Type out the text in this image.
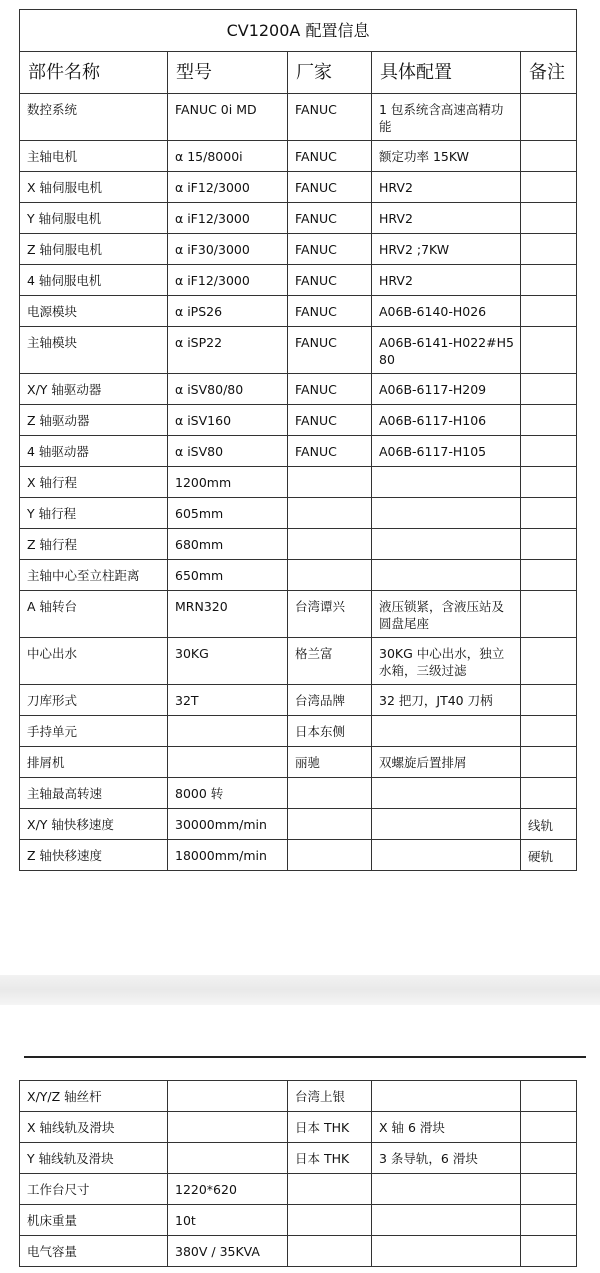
CV1200A 配置信息				
部件名称	型号	厂家	具体配置	备注
数控系统	FANUC 0i MD	FANUC	1 包系统含高速高精功能	
主轴电机	α 15/8000i	FANUC	额定功率 15KW	
X 轴伺服电机	α iF12/3000	FANUC	HRV2	
Y 轴伺服电机	α iF12/3000	FANUC	HRV2	
Z 轴伺服电机	α iF30/3000	FANUC	HRV2 ;7KW	
4 轴伺服电机	α iF12/3000	FANUC	HRV2	
电源模块	α iPS26	FANUC	A06B-6140-H026	
主轴模块	α iSP22	FANUC	A06B-6141-H022#H580	
X/Y 轴驱动器	α iSV80/80	FANUC	A06B-6117-H209	
Z 轴驱动器	α iSV160	FANUC	A06B-6117-H106	
4 轴驱动器	α iSV80	FANUC	A06B-6117-H105	
X 轴行程	1200mm			
Y 轴行程	605mm			
Z 轴行程	680mm			
主轴中心至立柱距离	650mm			
A 轴转台	MRN320	台湾谭兴	液压锁紧，含液压站及圆盘尾座	
中心出水	30KG	格兰富	30KG 中心出水，独立水箱，三级过滤	
刀库形式	32T	台湾品牌	32 把刀，JT40 刀柄	
手持单元		日本东侧		
排屑机		丽驰	双螺旋后置排屑	
主轴最高转速	8000 转			
X/Y 轴快移速度	30000mm/min			线轨
Z 轴快移速度	18000mm/min			硬轨
X/Y/Z 轴丝杆		台湾上银		
X 轴线轨及滑块		日本 THK	X 轴 6 滑块	
Y 轴线轨及滑块		日本 THK	3 条导轨，6 滑块	
工作台尺寸	1220*620			
机床重量	10t			
电气容量	380V / 35KVA			
